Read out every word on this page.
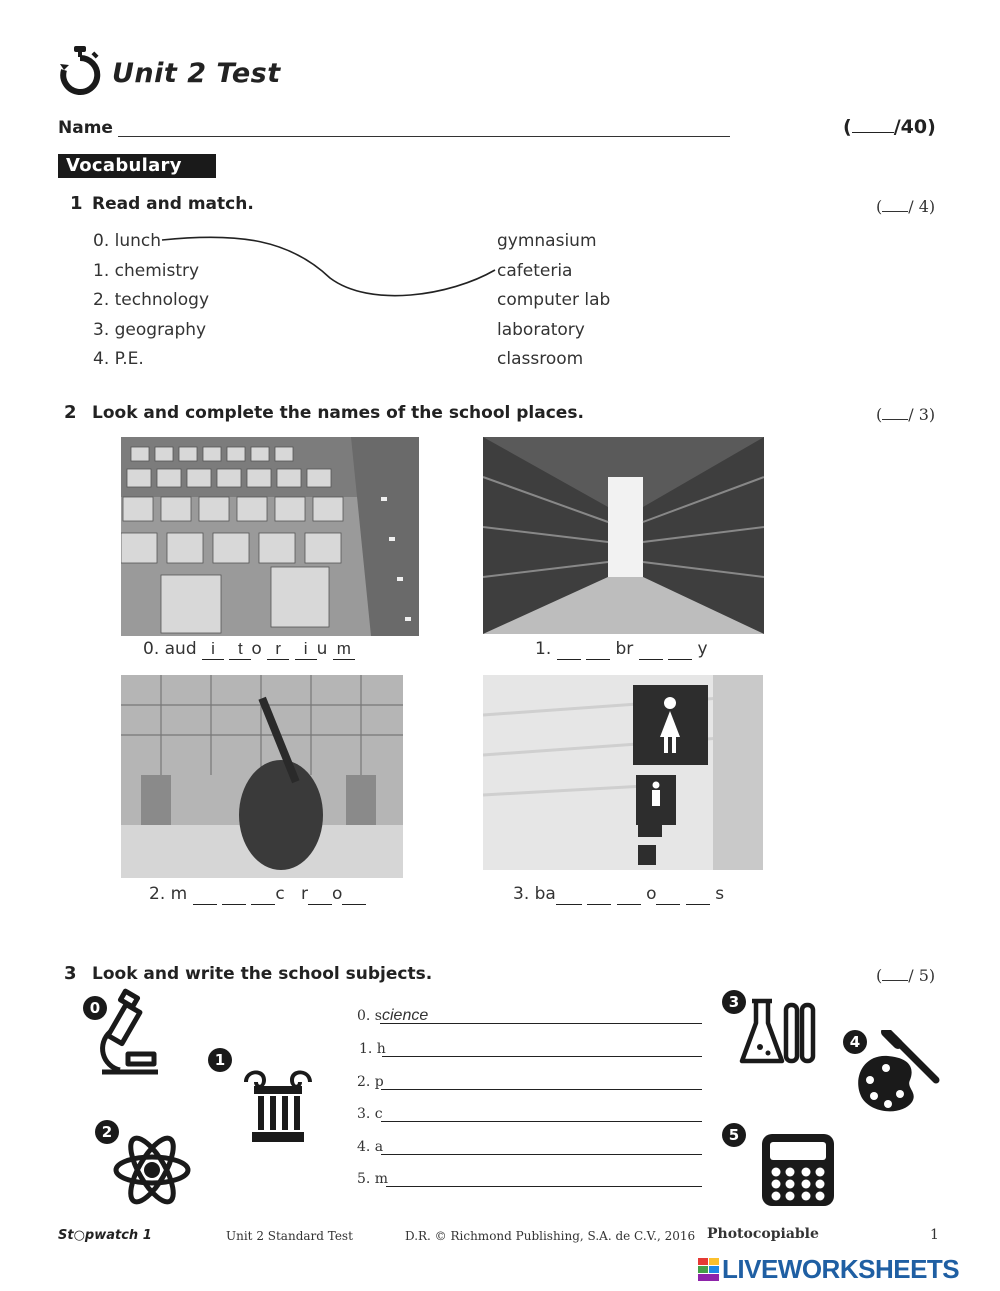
Unit 2 Test
Name	( /40)
Vocabulary
1 Read and match.	( / 4)
0. lunch
1. chemistry
2. technology
3. geography
4. P.E.
gymnasium
cafeteria
computer lab
laboratory
classroom
2 Look and complete the names of the school places.	( / 3)
0. aud i t o r i u m	1.	br	y
2. m	c r o	3. ba	o	s
3 Look and write the school subjects.	( / 5)
0
1
2
3
4
5
0. science
1. h
2. p
3. c
4. a
5. m
St○pwatch 1	Unit 2 Standard Test	D.R. © Richmond Publishing, S.A. de C.V., 2016 Photocopiable	1
LIVEWORKSHEETS
